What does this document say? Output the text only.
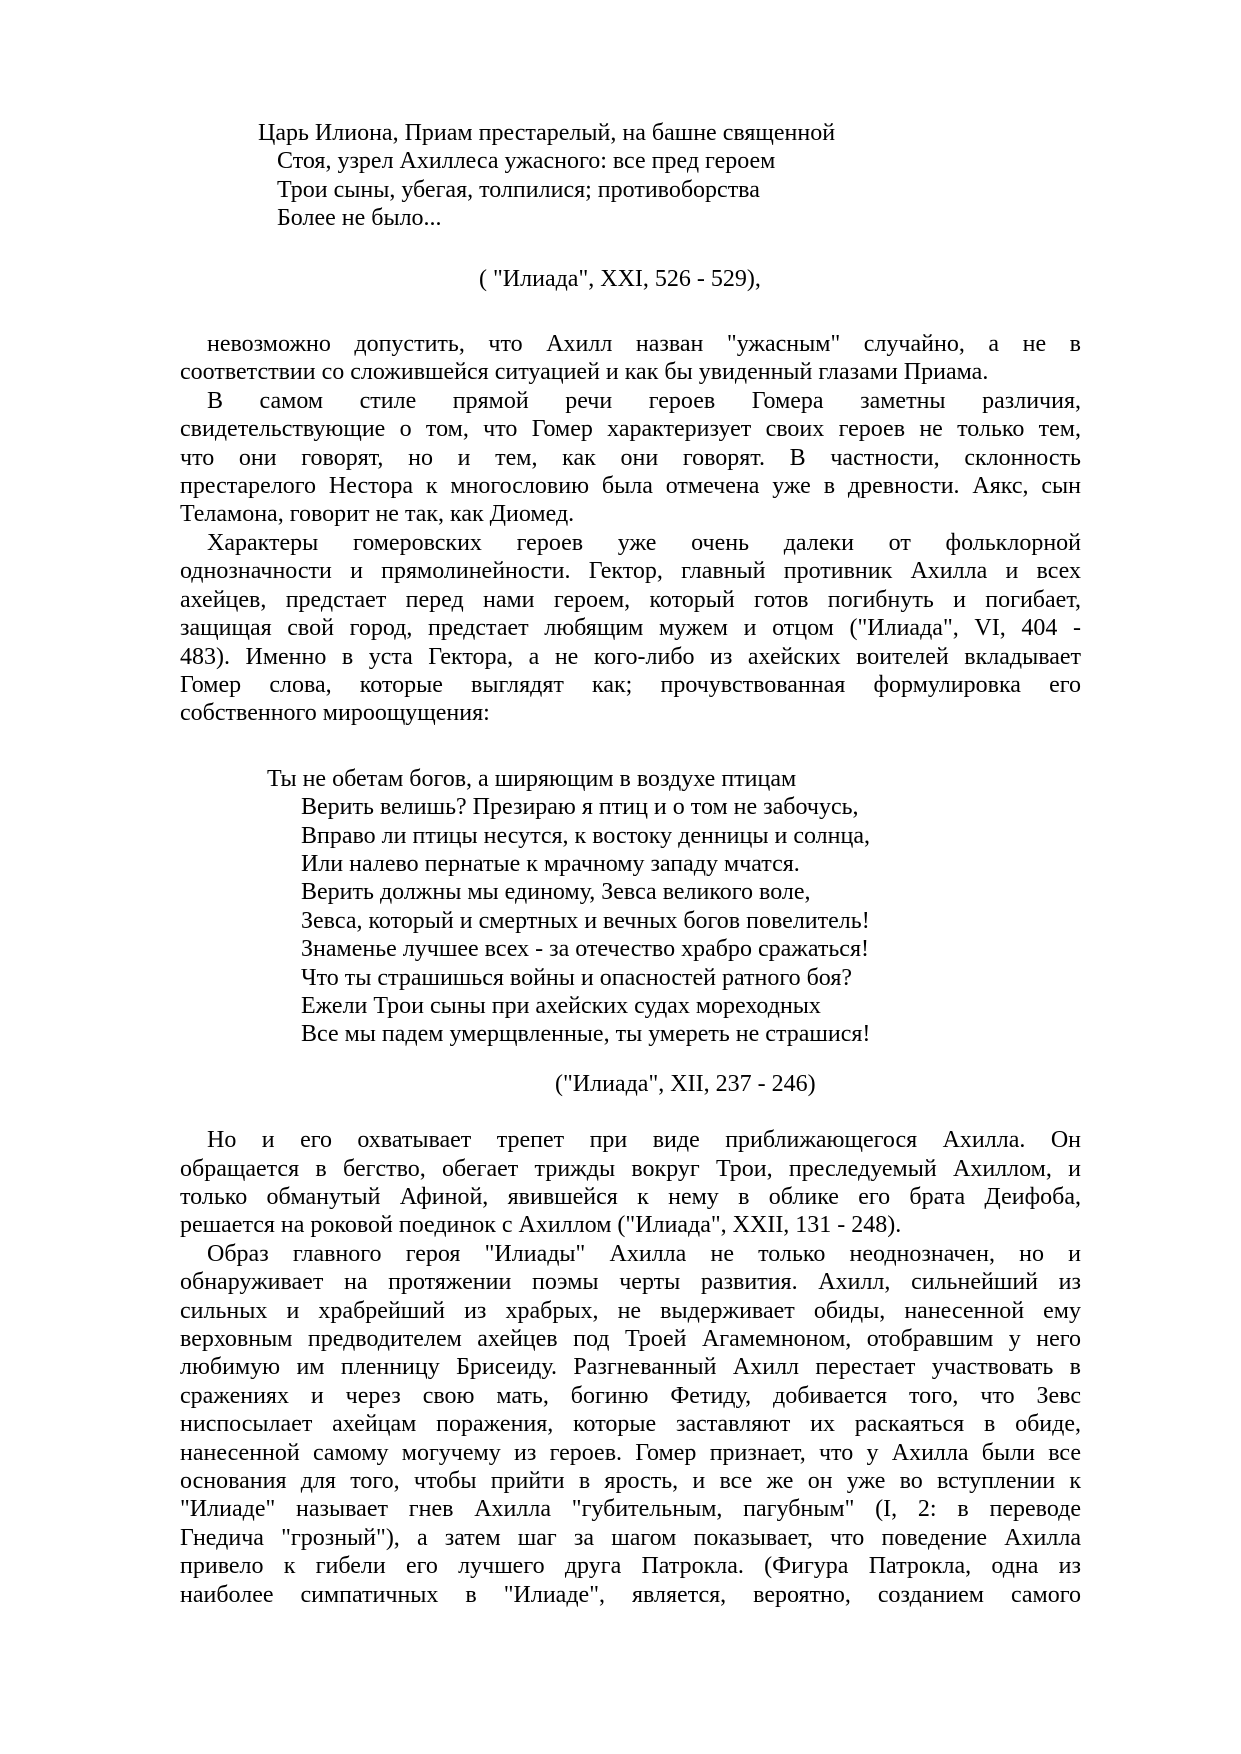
Царь Илиона, Приам престарелый, на башне священной
Стоя, узрел Ахиллеса ужасного: все пред героем
Трои сыны, убегая, толпилися; противоборства
Более не было...
( "Илиада", XXI, 526 - 529),
невозможно допустить, что Ахилл назван "ужасным" случайно, а не в
соответствии со сложившейся ситуацией и как бы увиденный глазами Приама.
В самом стиле прямой речи героев Гомера заметны различия,
свидетельствующие о том, что Гомер характеризует своих героев не только тем,
что они говорят, но и тем, как они говорят. В частности, склонность
престарелого Нестора к многословию была отмечена уже в древности. Аякс, сын
Теламона, говорит не так, как Диомед.
Характеры гомеровских героев уже очень далеки от фольклорной
однозначности и прямолинейности. Гектор, главный противник Ахилла и всех
ахейцев, предстает перед нами героем, который готов погибнуть и погибает,
защищая свой город, предстает любящим мужем и отцом ("Илиада", VI, 404 -
483). Именно в уста Гектора, а не кого-либо из ахейских воителей вкладывает
Гомер слова, которые выглядят как; прочувствованная формулировка его
собственного мироощущения:
Ты не обетам богов, а ширяющим в воздухе птицам
Верить велишь? Презираю я птиц и о том не забочусь,
Вправо ли птицы несутся, к востоку денницы и солнца,
Или налево пернатые к мрачному западу мчатся.
Верить должны мы единому, Зевса великого воле,
Зевса, который и смертных и вечных богов повелитель!
Знаменье лучшее всех - за отечество храбро сражаться!
Что ты страшишься войны и опасностей ратного боя?
Ежели Трои сыны при ахейских судах мореходных
Все мы падем умерщвленные, ты умереть не страшися!
("Илиада", XII, 237 - 246)
Но и его охватывает трепет при виде приближающегося Ахилла. Он
обращается в бегство, обегает трижды вокруг Трои, преследуемый Ахиллом, и
только обманутый Афиной, явившейся к нему в облике его брата Деифоба,
решается на роковой поединок с Ахиллом ("Илиада", XXII, 131 - 248).
Образ главного героя "Илиады" Ахилла не только неоднозначен, но и
обнаруживает на протяжении поэмы черты развития. Ахилл, сильнейший из
сильных и храбрейший из храбрых, не выдерживает обиды, нанесенной ему
верховным предводителем ахейцев под Троей Агамемноном, отобравшим у него
любимую им пленницу Брисеиду. Разгневанный Ахилл перестает участвовать в
сражениях и через свою мать, богиню Фетиду, добивается того, что Зевс
ниспосылает ахейцам поражения, которые заставляют их раскаяться в обиде,
нанесенной самому могучему из героев. Гомер признает, что у Ахилла были все
основания для того, чтобы прийти в ярость, и все же он уже во вступлении к
"Илиаде" называет гнев Ахилла "губительным, пагубным" (I, 2: в переводе
Гнедича "грозный"), а затем шаг за шагом показывает, что поведение Ахилла
привело к гибели его лучшего друга Патрокла. (Фигура Патрокла, одна из
наиболее симпатичных в "Илиаде", является, вероятно, созданием самого
